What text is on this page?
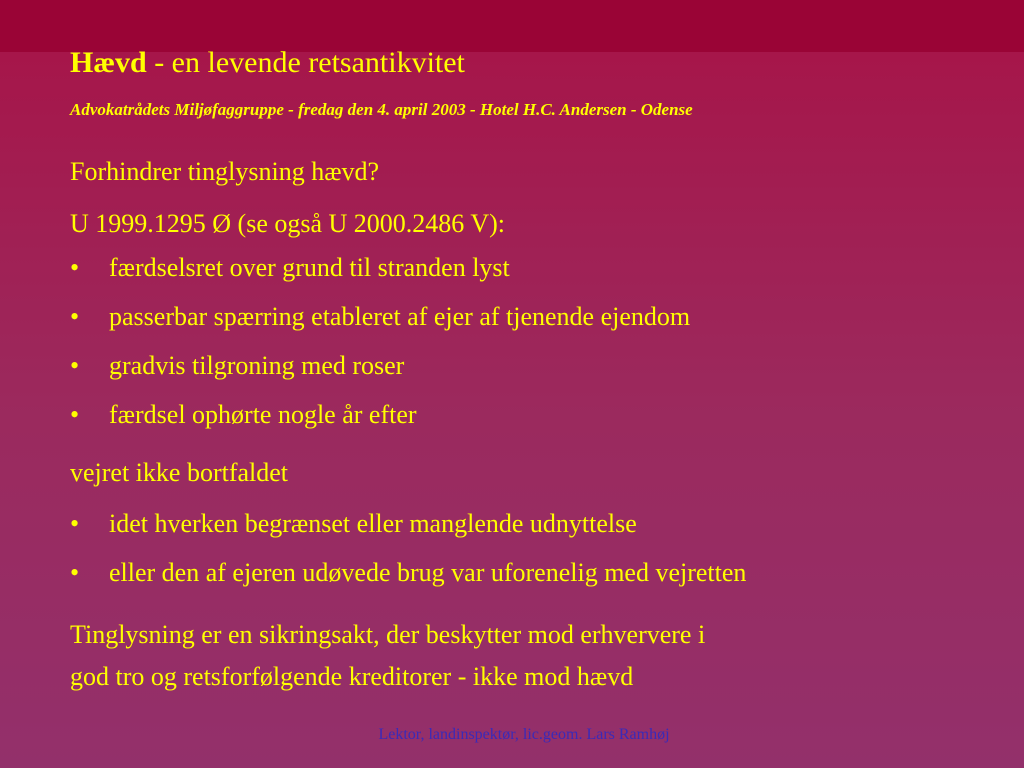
Hævd - en levende retsantikvitet

Advokatrådets Miljøfaggruppe - fredag den 4. april 2003 - Hotel H.C. Andersen - Odense

Forhindrer tinglysning hævd?
U 1999.1295 Ø (se også U 2000.2486 V):
•	færdselsret over grund til stranden lyst
•	passerbar spærring etableret af ejer af tjenende ejendom
•	gradvis tilgroning med roser
•	færdsel ophørte nogle år efter
vejret ikke bortfaldet
•	idet hverken begrænset eller manglende udnyttelse
•	eller den af ejeren udøvede brug var uforenelig med vejretten
Tinglysning er en sikringsakt, der beskytter mod erhververe i
god tro og retsforfølgende kreditorer - ikke mod hævd
Lektor, landinspektør, lic.geom. Lars Ramhøj
